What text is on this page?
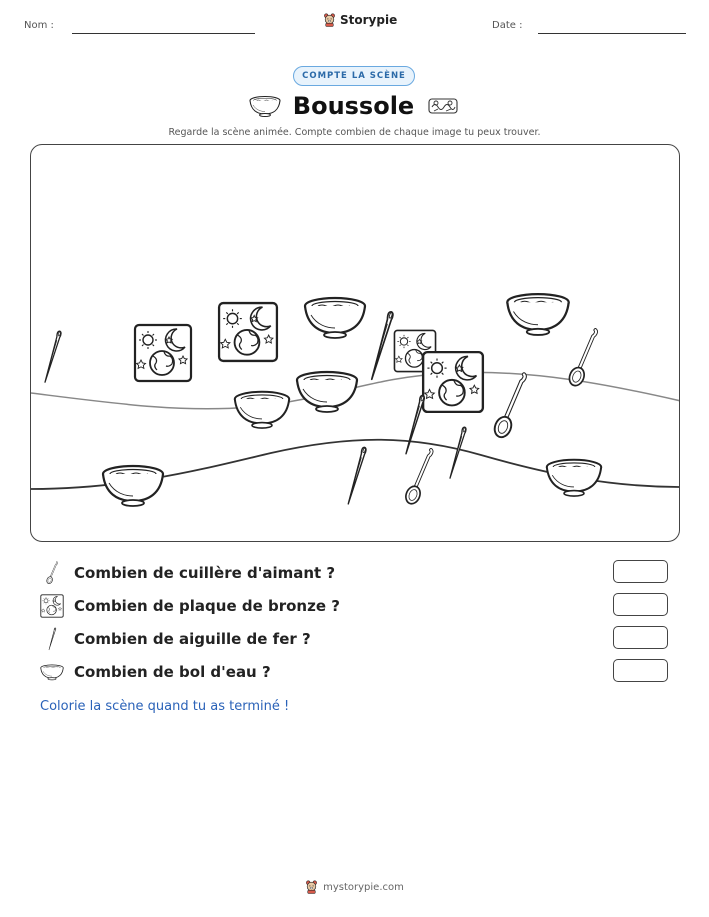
Nom :	Storypie	Date :
COMPTE LA SCÈNE
Boussole
Regarde la scène animée. Compte combien de chaque image tu peux trouver.
Combien de cuillère d'aimant ?
Combien de plaque de bronze ?
Combien de aiguille de fer ?
Combien de bol d'eau ?
Colorie la scène quand tu as terminé !
mystorypie.com
